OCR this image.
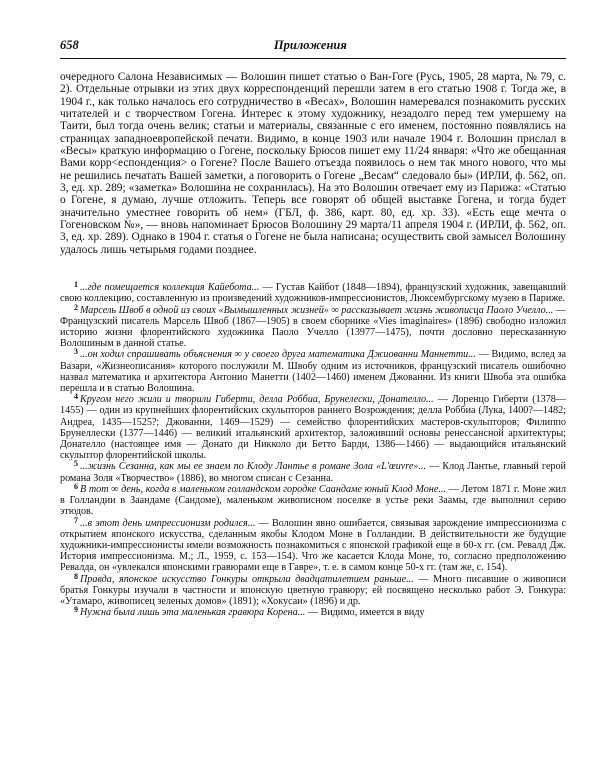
658	Приложения

очередного Салона Независимых — Волошин пишет статью о Ван-Гоге (Русь, 1905, 28 марта, № 79, с. 2). Отдельные отрывки из этих двух корреспонденций перешли затем в его статью 1908 г. Тогда же, в 1904 г., как только началось его сотрудничество в «Весах», Волошин намеревался познакомить русских читателей и с творчеством Гогена. Интерес к этому художнику, незадолго перед тем умершему на Таити, был тогда очень велик; статьи и материалы, связанные с его именем, постоянно появлялись на страницах западноевропейской печати. Видимо, в конце 1903 или начале 1904 г. Волошин прислал в «Весы» краткую информацию о Гогене, поскольку Брюсов пишет ему 11/24 января: «Что же обещанная Вами корр<еспонденция> о Гогене? После Вашего отъезда появилось о нем так много нового, что мы не решились печатать Вашей заметки, а поговорить о Гогене „Весам“ следовало бы» (ИРЛИ, ф. 562, оп. 3, ед. хр. 289; «заметка» Волошина не сохранилась). На это Волошин отвечает ему из Парижа: «Статью о Гогене, я думаю, лучше отложить. Теперь все говорят об общей выставке Гогена, и тогда будет значительно уместнее говорить об нем» (ГБЛ, ф. 386, карт. 80, ед. хр. 33). «Есть еще мечта о Гогеновском №», — вновь напоминает Брюсов Волошину 29 марта/11 апреля 1904 г. (ИРЛИ, ф. 562, оп. 3, ед. хр. 289). Однако в 1904 г. статья о Гогене не была написана; осуществить свой замысел Волошину удалось лишь четырьмя годами позднее.

$^1$ ...где помещается коллекция Кайебота... — Густав Кайбот (1848—1894), французский художник, завещавший свою коллекцию, составленную из произведений художников-импрессионистов, Люксембургскому музею в Париже.

$^2$ Марсель Швоб в одной из своих «Вымышленных жизней» ∞ рассказывает жизнь живописца Паоло Учелло... — Французский писатель Марсель Швоб (1867—1905) в своем сборнике «Vies imaginaires» (1896) свободно изложил историю жизни флорентийского художника Паоло Учелло (13977—1475), почти дословно пересказанную Волошиным в данной статье.

$^3$ ...он ходил спрашивать объяснения ∞ у своего друга математика Джиованни Маннетти... — Видимо, вслед за Вазари, «Жизнеописания» которого послужили М. Швобу одним из источников, французский писатель ошибочно назвал математика и архитектора Антонио Манетти (1402—1460) именем Джованни. Из книги Швоба эта ошибка перешла и в статью Волошина.

$^4$ Кругом него жили и творили Гиберти, делла Роббиа, Брунелески, Донателло... — Лоренцо Гиберти (1378—1455) — один из крупнейших флорентийских скульпторов раннего Возрождения; делла Роббиа (Лука, 1400?—1482; Андреа, 1435—1525?; Джованни, 1469—1529) — семейство флорентийских мастеров-скульпторов; Филиппо Брунеллески (1377—1446) — великий итальянский архитектор, заложивший основы ренессансной архитектуры; Донателло (настоящее имя — Донато ди Никколо ди Бетто Барди, 1386—1466) — выдающийся итальянский скульптор флорентийской школы.

$^5$ ...жизнь Сезанна, как мы ее знаем по Клоду Лантье в романе Зола «L'œuvre»... — Клод Лантье, главный герой романа Золя «Творчество» (1886), во многом списан с Сезанна.

$^6$ В тот ∞ день, когда в маленьком голландском городке Саандаме юный Клод Моне... — Летом 1871 г. Моне жил в Голландии в Заандаме (Сандоме), маленьком живописном поселке в устье реки Заамы, где выполнил серию этюдов.

$^7$ ...в этот день импрессионизм родился... — Волошин явно ошибается, связывая зарождение импрессионизма с открытием японского искусства, сделанным якобы Клодом Моне в Голландии. В действительности же будущие художники-импрессионисты имели возможность познакомиться с японской графикой еще в 60-х гг. (см. Ревалд Дж. История импрессионизма. М.; Л., 1959, с. 153—154). Что же касается Клода Моне, то, согласно предположению Ревалда, он «увлекался японскими гравюрами еще в Гавре», т. е. в самом конце 50-х гг. (там же, с. 154).

$^8$ Правда, японское искусство Гонкуры открыли двадцатилетием раньше... — Много писавшие о живописи братья Гонкуры изучали в частности и японскую цветную гравюру; ей посвящено несколько работ Э. Гонкура: «Утамаро, живописец зеленых домов» (1891); «Хокусаи» (1896) и др.

$^9$ Нужна была лишь эта маленькая гравюра Корена... — Видимо, имеется в виду
